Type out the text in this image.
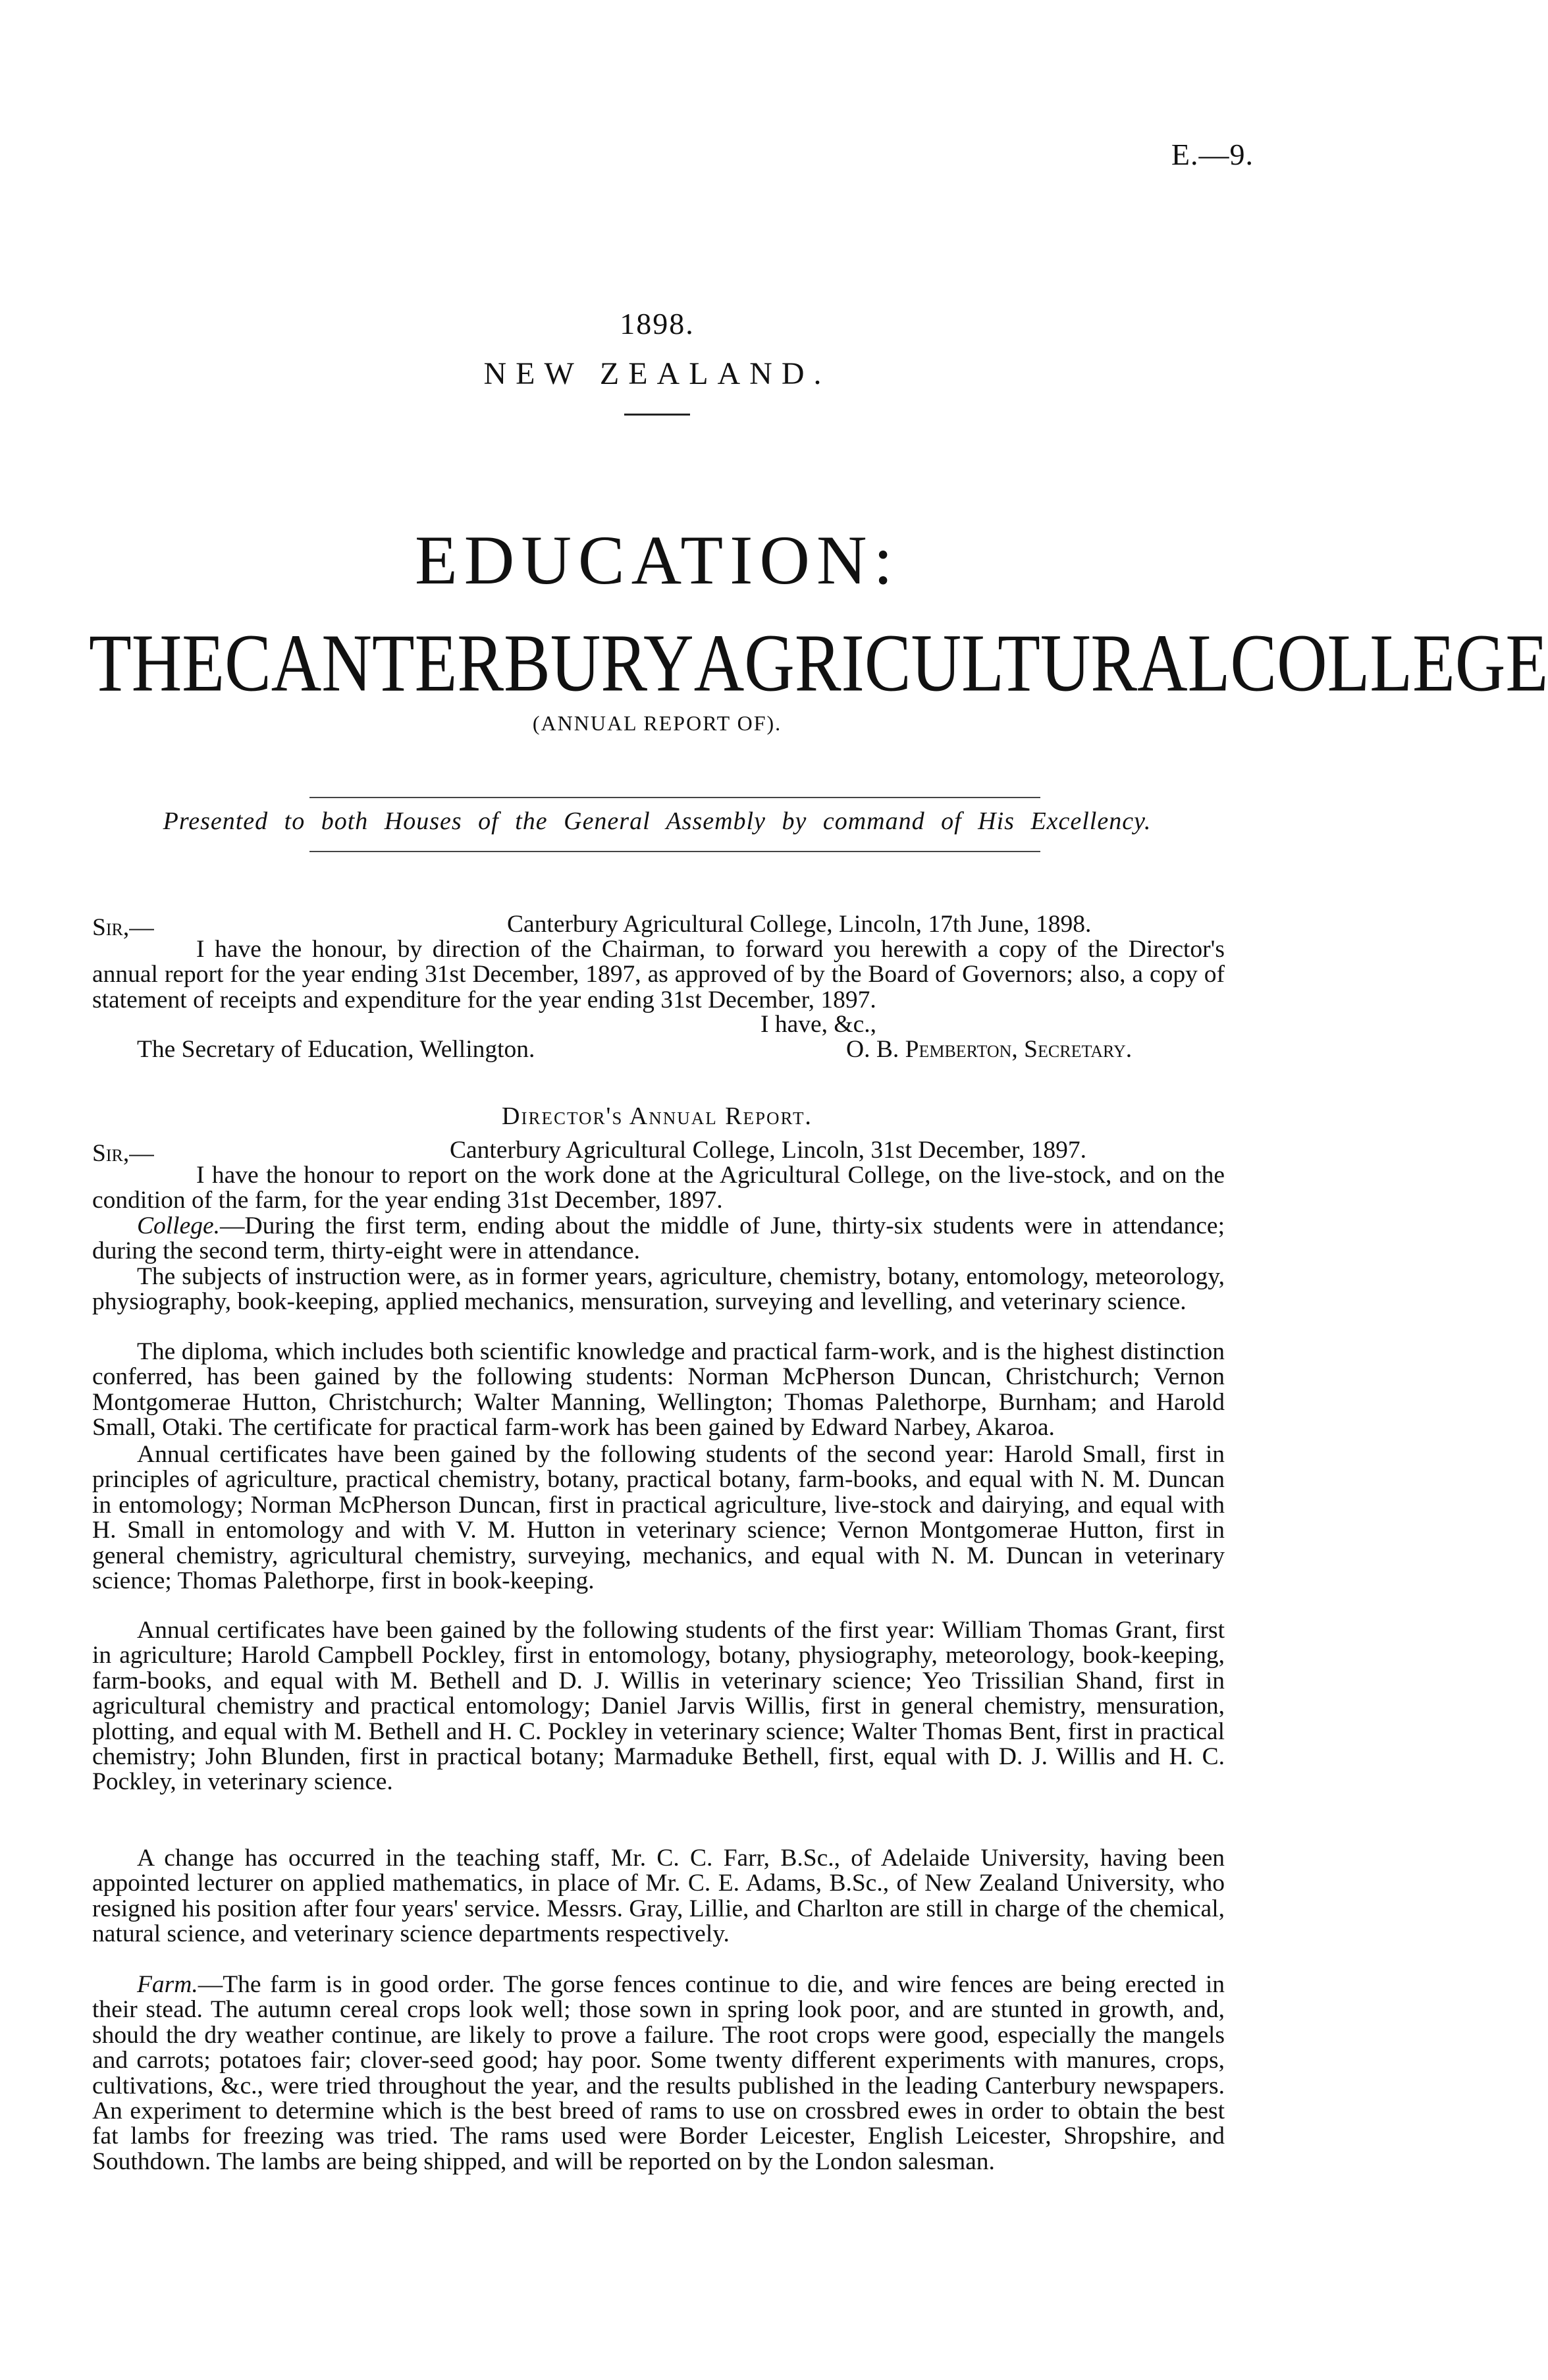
E.—9.
1898.
NEW ZEALAND.
EDUCATION:
THE CANTERBURY AGRICULTURAL COLLEGE
(ANNUAL REPORT OF).
Presented to both Houses of the General Assembly by command of His Excellency.
Sir,—	Canterbury Agricultural College, Lincoln, 17th June, 1898.

I have the honour, by direction of the Chairman, to forward you herewith a copy of the Director's annual report for the year ending 31st December, 1897, as approved of by the Board of Governors; also, a copy of statement of receipts and expenditure for the year ending 31st December, 1897.

I have, &c.,
The Secretary of Education, Wellington.	O. B. Pemberton, Secretary.
Director's Annual Report.
Sir,—	Canterbury Agricultural College, Lincoln, 31st December, 1897.

I have the honour to report on the work done at the Agricultural College, on the live-stock, and on the condition of the farm, for the year ending 31st December, 1897.

College.—During the first term, ending about the middle of June, thirty-six students were in attendance; during the second term, thirty-eight were in attendance.

The subjects of instruction were, as in former years, agriculture, chemistry, botany, entomology, meteorology, physiography, book-keeping, applied mechanics, mensuration, surveying and levelling, and veterinary science.

The diploma, which includes both scientific knowledge and practical farm-work, and is the highest distinction conferred, has been gained by the following students: Norman McPherson Duncan, Christchurch; Vernon Montgomerae Hutton, Christchurch; Walter Manning, Wellington; Thomas Palethorpe, Burnham; and Harold Small, Otaki. The certificate for practical farm-work has been gained by Edward Narbey, Akaroa.

Annual certificates have been gained by the following students of the second year: Harold Small, first in principles of agriculture, practical chemistry, botany, practical botany, farm-books, and equal with N. M. Duncan in entomology; Norman McPherson Duncan, first in practical agriculture, live-stock and dairying, and equal with H. Small in entomology and with V. M. Hutton in veterinary science; Vernon Montgomerae Hutton, first in general chemistry, agricultural chemistry, surveying, mechanics, and equal with N. M. Duncan in veterinary science; Thomas Palethorpe, first in book-keeping.

Annual certificates have been gained by the following students of the first year: William Thomas Grant, first in agriculture; Harold Campbell Pockley, first in entomology, botany, physiography, meteorology, book-keeping, farm-books, and equal with M. Bethell and D. J. Willis in veterinary science; Yeo Trissilian Shand, first in agricultural chemistry and practical entomology; Daniel Jarvis Willis, first in general chemistry, mensuration, plotting, and equal with M. Bethell and H. C. Pockley in veterinary science; Walter Thomas Bent, first in practical chemistry; John Blunden, first in practical botany; Marmaduke Bethell, first, equal with D. J. Willis and H. C. Pockley, in veterinary science.

A change has occurred in the teaching staff, Mr. C. C. Farr, B.Sc., of Adelaide University, having been appointed lecturer on applied mathematics, in place of Mr. C. E. Adams, B.Sc., of New Zealand University, who resigned his position after four years' service. Messrs. Gray, Lillie, and Charlton are still in charge of the chemical, natural science, and veterinary science departments respectively.

Farm.—The farm is in good order. The gorse fences continue to die, and wire fences are being erected in their stead. The autumn cereal crops look well; those sown in spring look poor, and are stunted in growth, and, should the dry weather continue, are likely to prove a failure. The root crops were good, especially the mangels and carrots; potatoes fair; clover-seed good; hay poor. Some twenty different experiments with manures, crops, cultivations, &c., were tried throughout the year, and the results published in the leading Canterbury newspapers. An experiment to determine which is the best breed of rams to use on crossbred ewes in order to obtain the best fat lambs for freezing was tried. The rams used were Border Leicester, English Leicester, Shropshire, and Southdown. The lambs are being shipped, and will be reported on by the London salesman.
